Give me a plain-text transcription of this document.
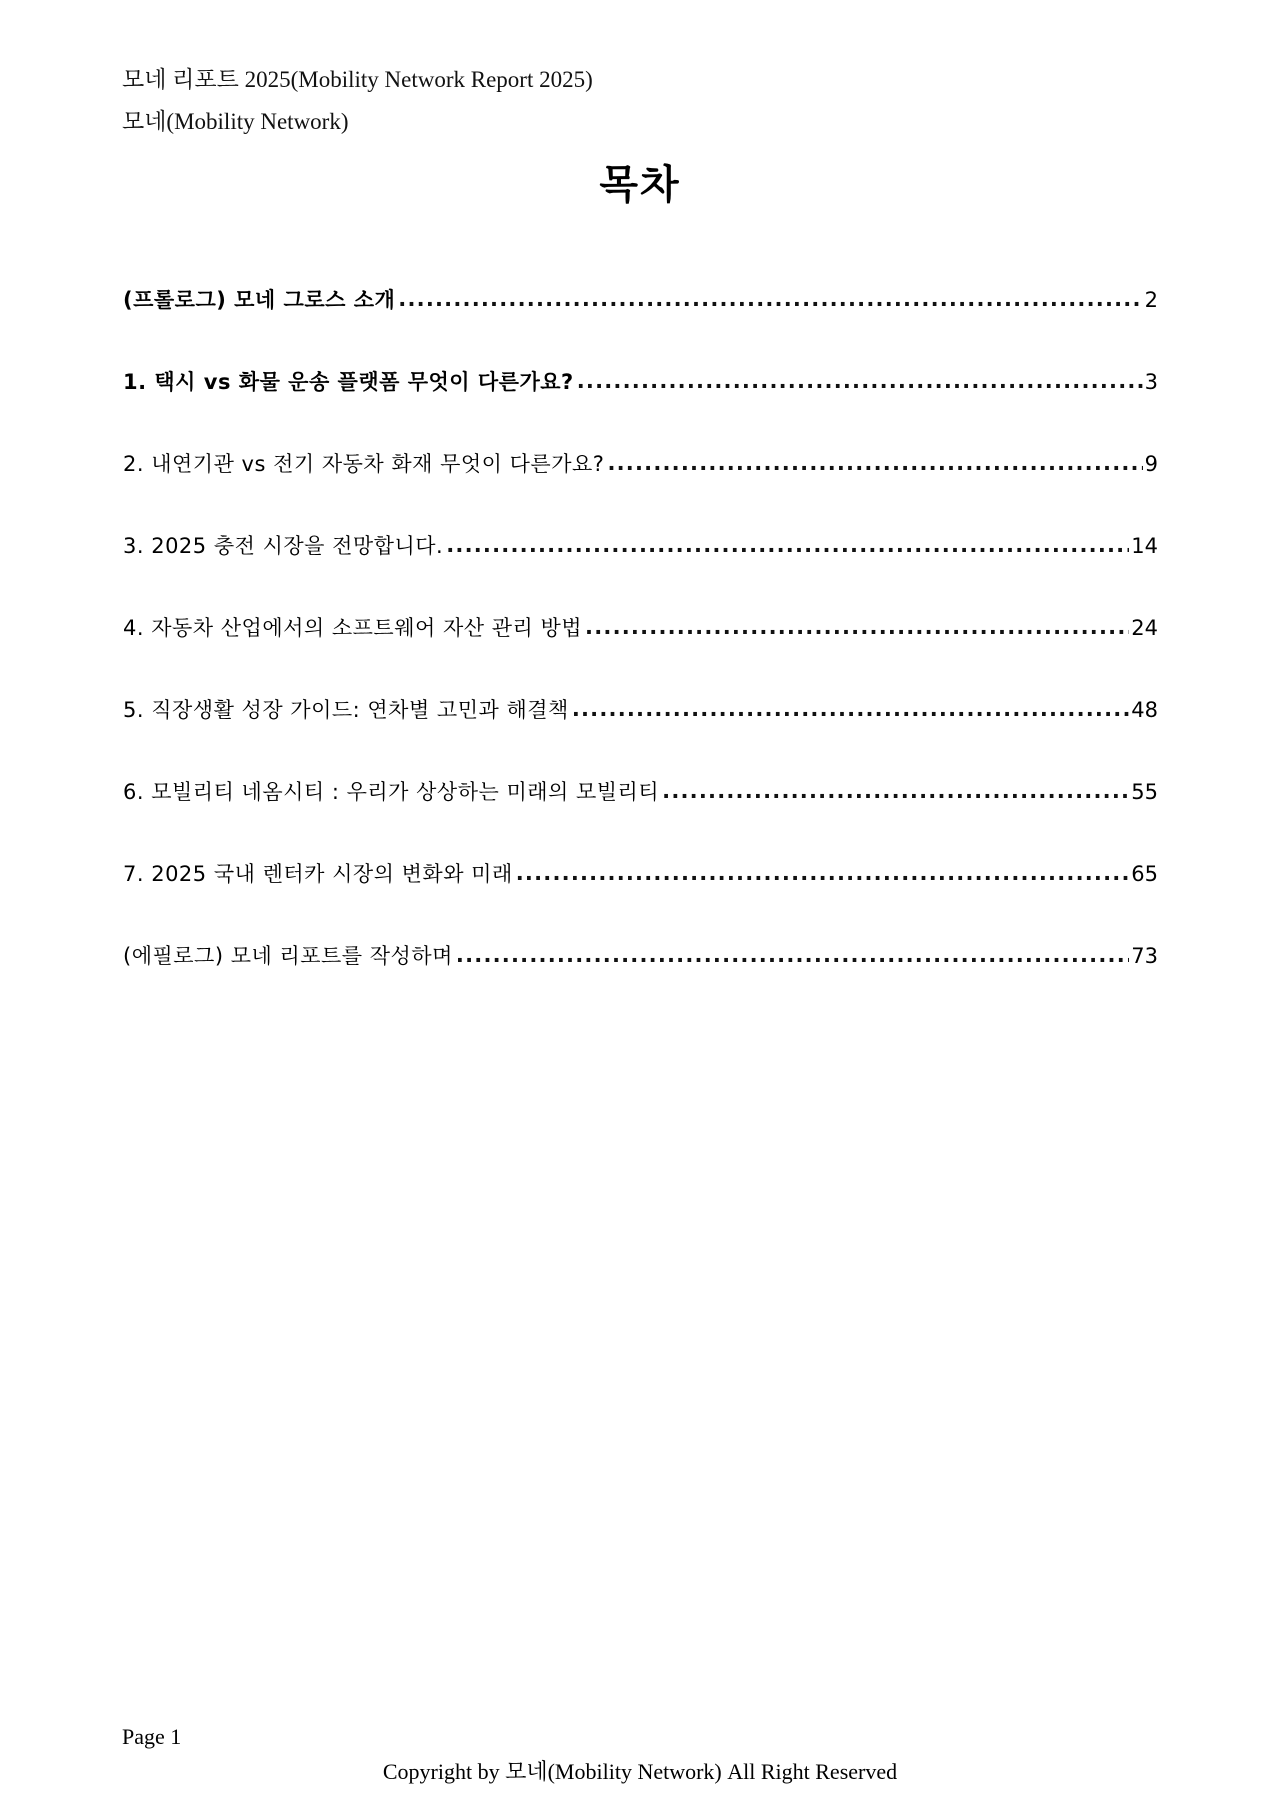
모네 리포트 2025(Mobility Network Report 2025)
모네(Mobility Network)
목차
(프롤로그) 모네 그로스 소개 .....	2
1. 택시 vs 화물 운송 플랫폼 무엇이 다른가요? .....	3
2. 내연기관 vs 전기 자동차 화재 무엇이 다른가요? .....	9
3. 2025 충전 시장을 전망합니다. .....	14
4. 자동차 산업에서의 소프트웨어 자산 관리 방법 .....	24
5. 직장생활 성장 가이드: 연차별 고민과 해결책 .....	48
6. 모빌리티 네옴시티 : 우리가 상상하는 미래의 모빌리티 .....	55
7. 2025 국내 렌터카 시장의 변화와 미래 .....	65
(에필로그) 모네 리포트를 작성하며 .....	73
Page 1
Copyright by 모네(Mobility Network) All Right Reserved
